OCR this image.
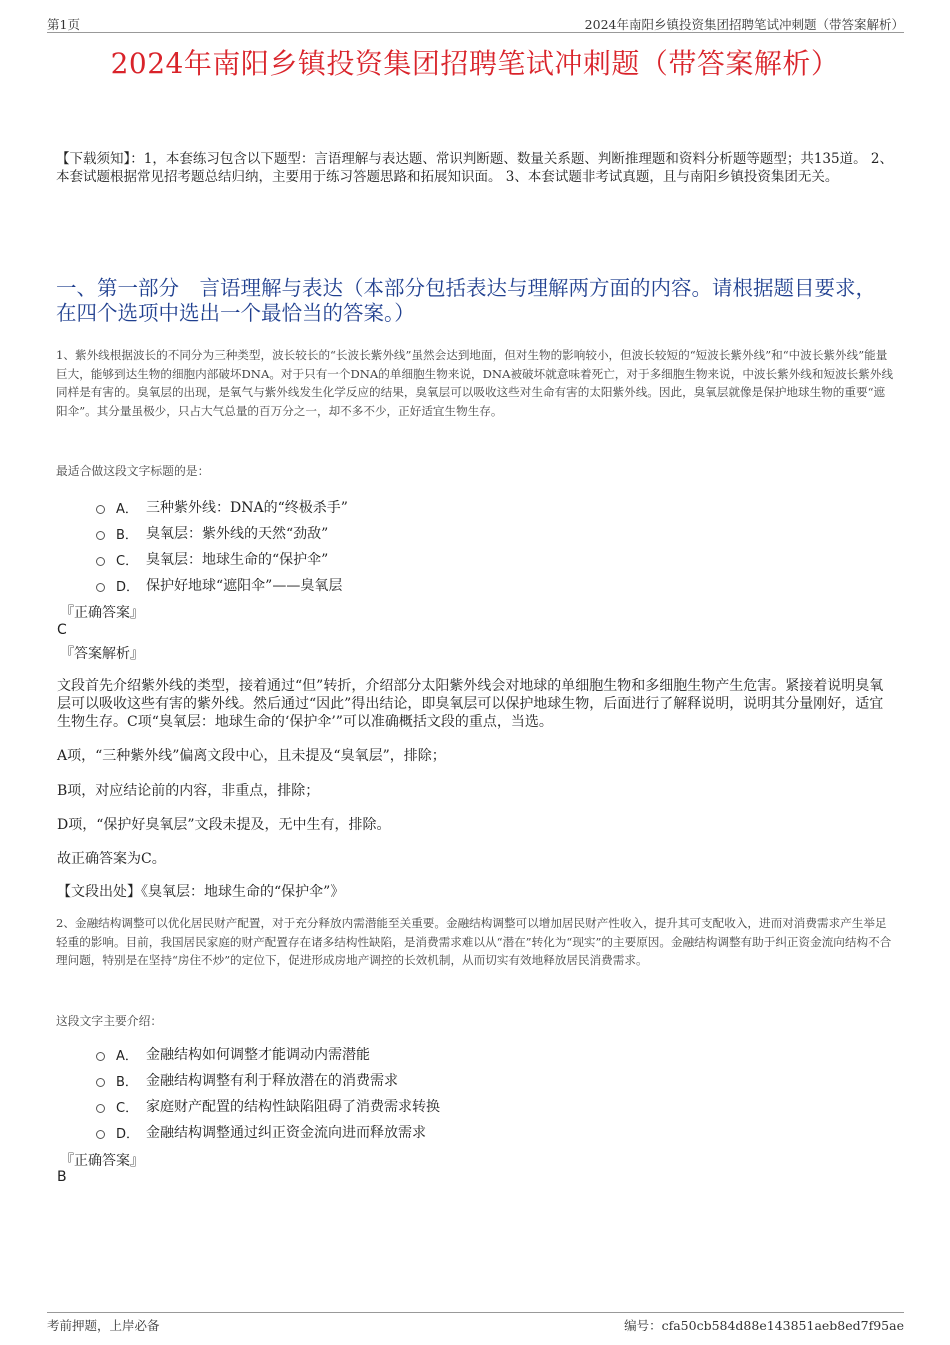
第1页	2024年南阳乡镇投资集团招聘笔试冲刺题（带答案解析）
2024年南阳乡镇投资集团招聘笔试冲刺题（带答案解析）
【下载须知】：1，本套练习包含以下题型：言语理解与表达题、常识判断题、数量关系题、判断推理题和资料分析题等题型；共135道。 2、本套试题根据常见招考题总结归纳，主要用于练习答题思路和拓展知识面。 3、本套试题非考试真题，且与南阳乡镇投资集团无关。
一、第一部分　言语理解与表达（本部分包括表达与理解两方面的内容。请根据题目要求，在四个选项中选出一个最恰当的答案。）
1、紫外线根据波长的不同分为三种类型，波长较长的“长波长紫外线”虽然会达到地面，但对生物的影响较小，但波长较短的“短波长紫外线”和“中波长紫外线”能量巨大，能够到达生物的细胞内部破坏DNA。对于只有一个DNA的单细胞生物来说，DNA被破坏就意味着死亡，对于多细胞生物来说，中波长紫外线和短波长紫外线同样是有害的。臭氧层的出现，是氧气与紫外线发生化学反应的结果，臭氧层可以吸收这些对生命有害的太阳紫外线。因此，臭氧层就像是保护地球生物的重要“遮阳伞”。其分量虽极少，只占大气总量的百万分之一，却不多不少，正好适宜生物生存。
最适合做这段文字标题的是：
A． 三种紫外线：DNA的“终极杀手”
B． 臭氧层：紫外线的天然“劲敌”
C． 臭氧层：地球生命的“保护伞”
D． 保护好地球“遮阳伞”——臭氧层
『正确答案』
C
『答案解析』
文段首先介绍紫外线的类型，接着通过“但”转折，介绍部分太阳紫外线会对地球的单细胞生物和多细胞生物产生危害。紧接着说明臭氧层可以吸收这些有害的紫外线。然后通过“因此”得出结论，即臭氧层可以保护地球生物，后面进行了解释说明，说明其分量刚好，适宜生物生存。C项“臭氧层：地球生命的‘保护伞’”可以准确概括文段的重点，当选。
A项，“三种紫外线”偏离文段中心，且未提及“臭氧层”，排除；
B项，对应结论前的内容，非重点，排除；
D项，“保护好臭氧层”文段未提及，无中生有，排除。
故正确答案为C。
【文段出处】《臭氧层：地球生命的“保护伞”》
2、金融结构调整可以优化居民财产配置，对于充分释放内需潜能至关重要。金融结构调整可以增加居民财产性收入，提升其可支配收入，进而对消费需求产生举足轻重的影响。目前，我国居民家庭的财产配置存在诸多结构性缺陷，是消费需求难以从“潜在”转化为“现实”的主要原因。金融结构调整有助于纠正资金流向结构不合理问题，特别是在坚持“房住不炒”的定位下，促进形成房地产调控的长效机制，从而切实有效地释放居民消费需求。
这段文字主要介绍：
A． 金融结构如何调整才能调动内需潜能
B． 金融结构调整有利于释放潜在的消费需求
C． 家庭财产配置的结构性缺陷阻碍了消费需求转换
D． 金融结构调整通过纠正资金流向进而释放需求
『正确答案』
B
考前押题，上岸必备	编号：cfa50cb584d88e143851aeb8ed7f95ae
